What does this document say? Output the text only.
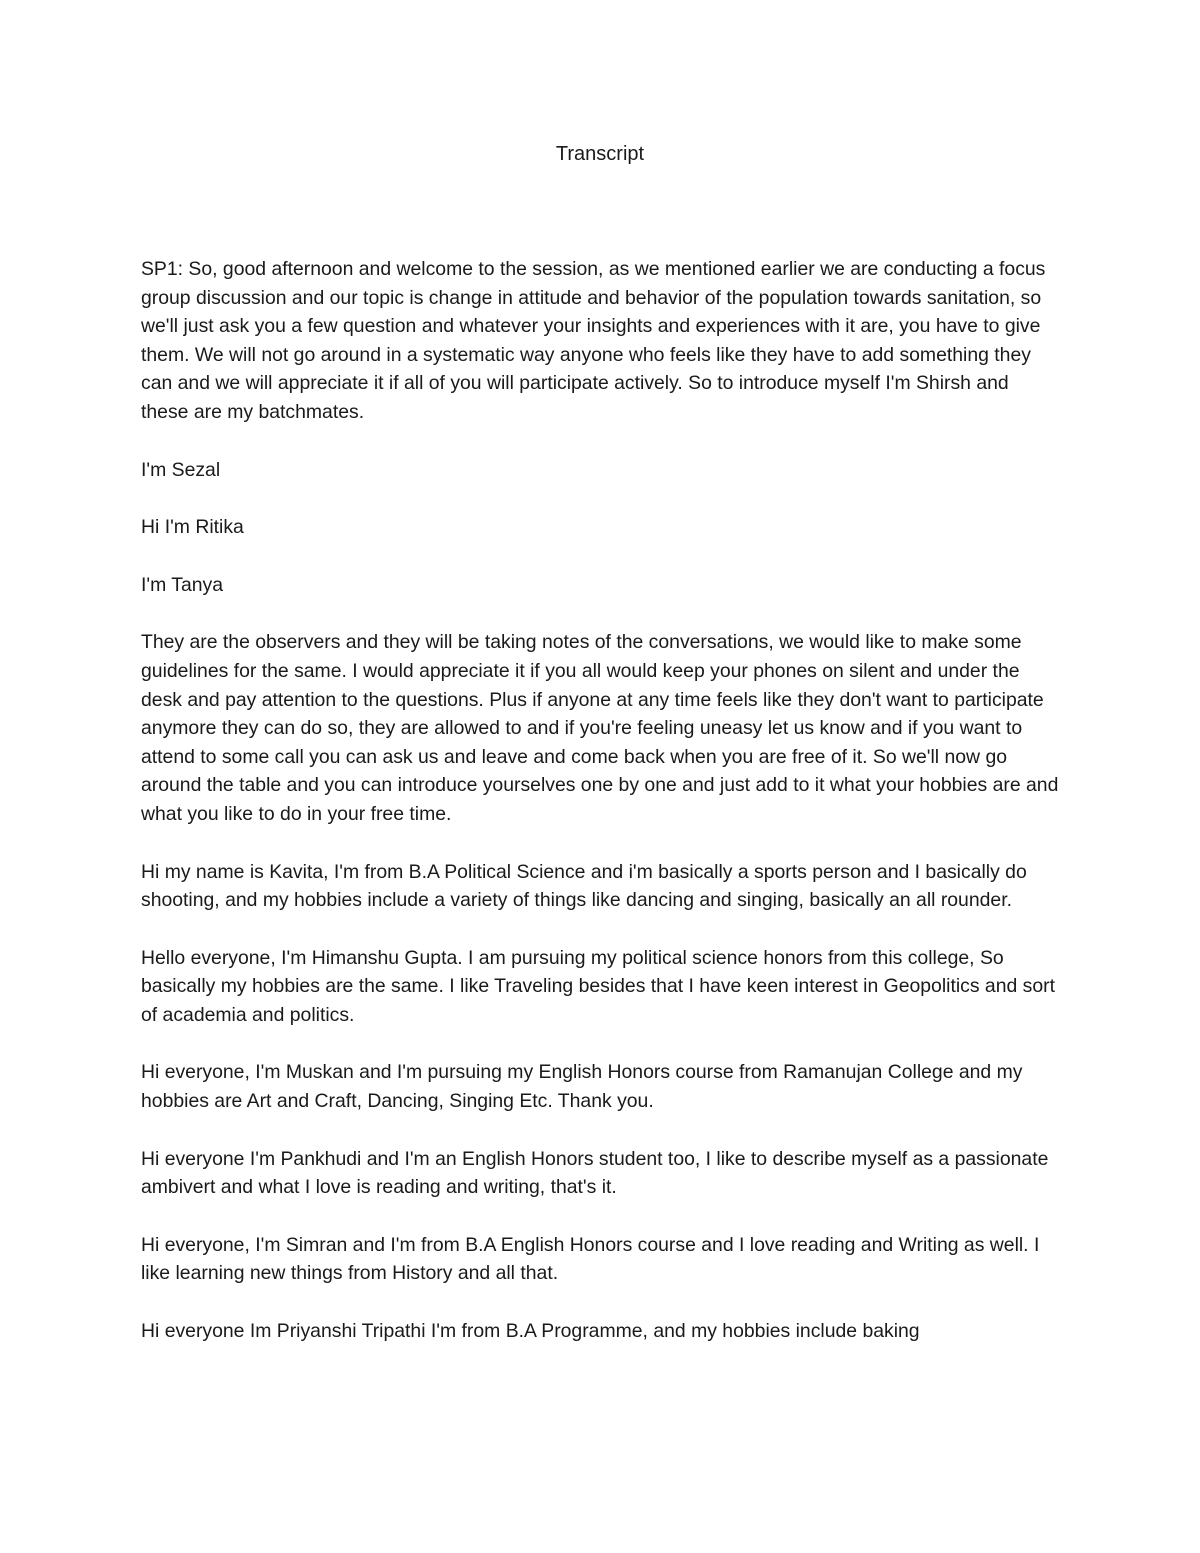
Transcript

SP1: So, good afternoon and welcome to the session, as we mentioned earlier we are conducting a focus group discussion and our topic is change in attitude and behavior of the population towards sanitation, so we'll just ask you a few question and whatever your insights and experiences with it are, you have to give them. We will not go around in a systematic way anyone who feels like they have to add something they can and we will appreciate it if all of you will participate actively. So to introduce myself I'm Shirsh and these are my batchmates.

I'm Sezal

Hi I'm Ritika

I'm Tanya

They are the observers and they will be taking notes of the conversations, we would like to make some guidelines for the same. I would appreciate it if you all would keep your phones on silent and under the desk and pay attention to the questions. Plus if anyone at any time feels like they don't want to participate anymore they can do so, they are allowed to and if you're feeling uneasy let us know and if you want to attend to some call you can ask us and leave and come back when you are free of it. So we'll now go around the table and you can introduce yourselves one by one and just add to it what your hobbies are and what you like to do in your free time.

Hi my name is Kavita, I'm from B.A Political Science and i'm basically a sports person and I basically do shooting, and my hobbies include a variety of things like dancing and singing, basically an all rounder.

Hello everyone, I'm Himanshu Gupta. I am pursuing my political science honors from this college, So basically my hobbies are the same. I like Traveling besides that I have keen interest in Geopolitics and sort of academia and politics.

Hi everyone, I'm Muskan and I'm pursuing my English Honors course from Ramanujan College and my hobbies are Art and Craft, Dancing, Singing Etc. Thank you.

Hi everyone I'm Pankhudi and I'm an English Honors student too, I like to describe myself as a passionate ambivert and what I love is reading and writing, that's it.

Hi everyone, I'm Simran and I'm from B.A English Honors course and I love reading and Writing as well. I like learning new things from History and all that.

Hi everyone Im Priyanshi Tripathi I'm from B.A Programme, and my hobbies include baking
